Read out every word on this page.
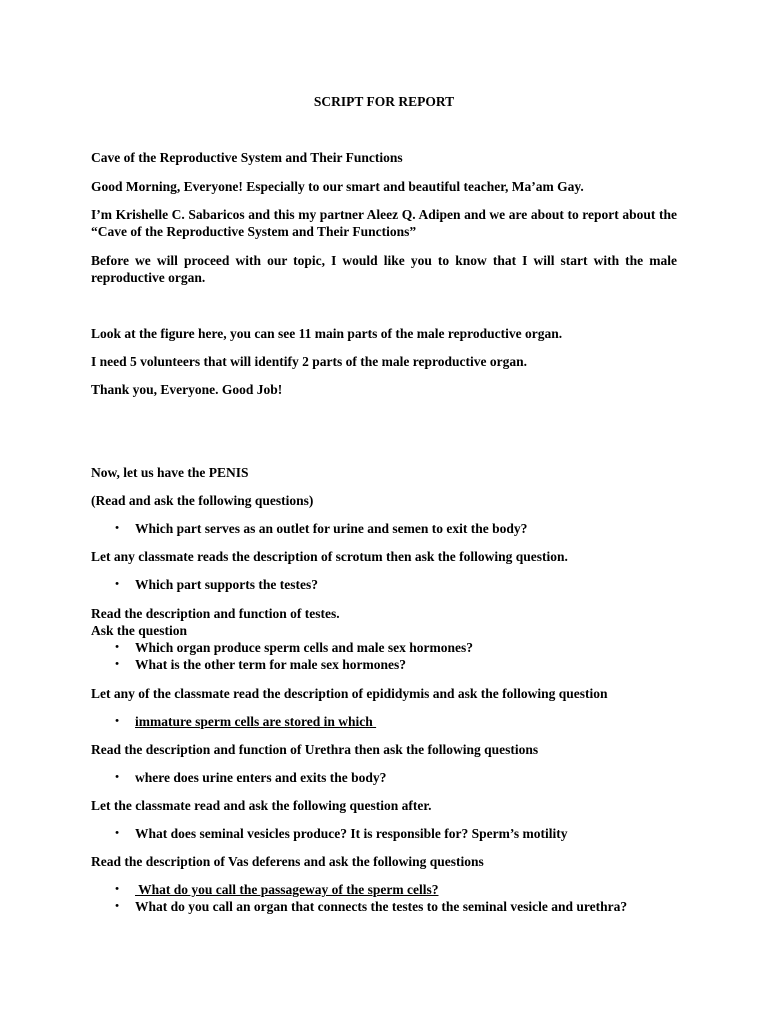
SCRIPT FOR REPORT

Cave of the Reproductive System and Their Functions

Good Morning, Everyone! Especially to our smart and beautiful teacher, Ma’am Gay.

I’m Krishelle C. Sabaricos and this my partner Aleez Q. Adipen and we are about to report about the “Cave of the Reproductive System and Their Functions”

Before we will proceed with our topic, I would like you to know that I will start with the male reproductive organ.

Look at the figure here, you can see 11 main parts of the male reproductive organ.

I need 5 volunteers that will identify 2 parts of the male reproductive organ.

Thank you, Everyone. Good Job!

Now, let us have the PENIS

(Read and ask the following questions)

•	Which part serves as an outlet for urine and semen to exit the body?

Let any classmate reads the description of scrotum then ask the following question.

•	Which part supports the testes?

Read the description and function of testes.

Ask the question

•	Which organ produce sperm cells and male sex hormones?

•	What is the other term for male sex hormones?

Let any of the classmate read the description of epididymis and ask the following question

•	immature sperm cells are stored in which

Read the description and function of Urethra then ask the following questions

•	where does urine enters and exits the body?

Let the classmate read and ask the following question after.

•	What does seminal vesicles produce? It is responsible for? Sperm’s motility

Read the description of Vas deferens and ask the following questions

•	What do you call the passageway of the sperm cells?

•	What do you call an organ that connects the testes to the seminal vesicle and urethra?
